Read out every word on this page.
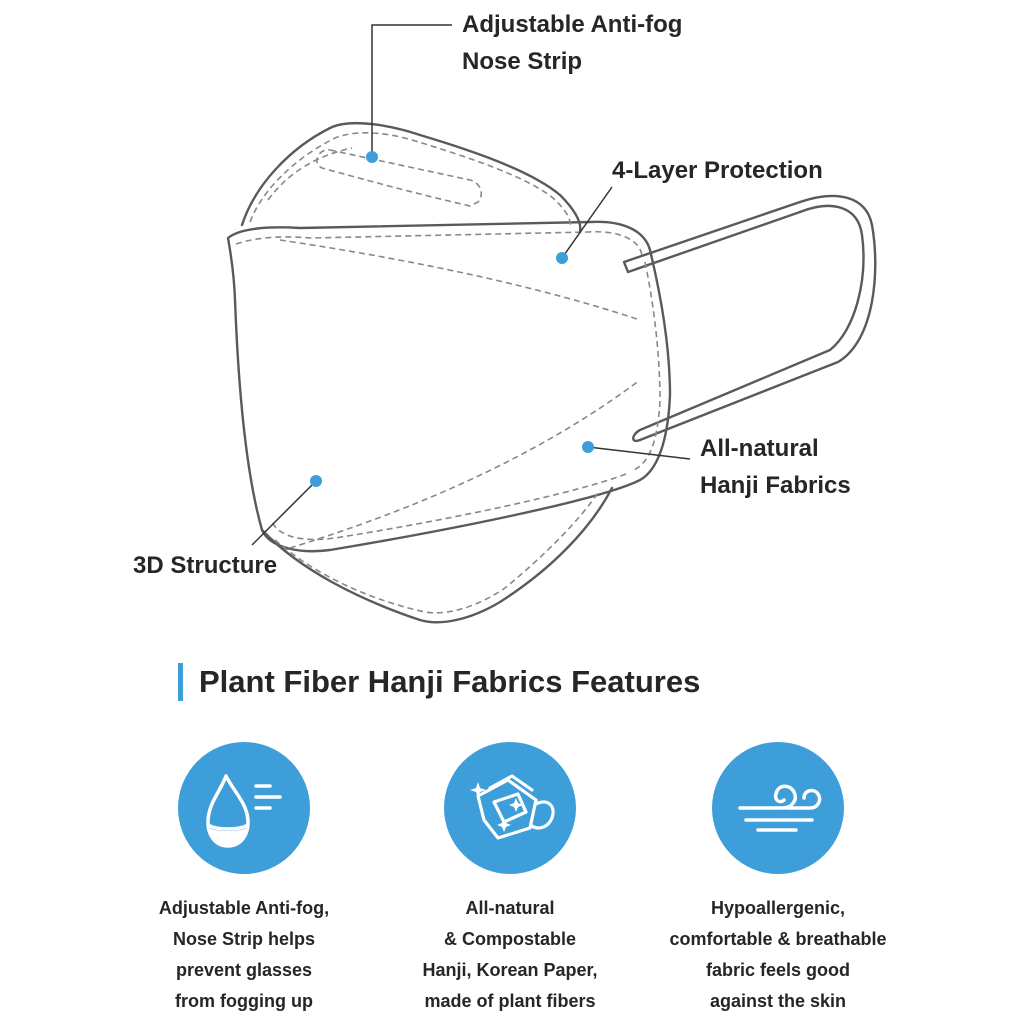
Adjustable Anti-fog
Nose Strip
4-Layer Protection
All-natural
Hanji Fabrics
3D Structure
Plant Fiber Hanji Fabrics Features
Adjustable Anti-fog,
Nose Strip helps
prevent glasses
from fogging up
All-natural
& Compostable
Hanji, Korean Paper,
made of plant fibers
Hypoallergenic,
comfortable & breathable
fabric feels good
against the skin
